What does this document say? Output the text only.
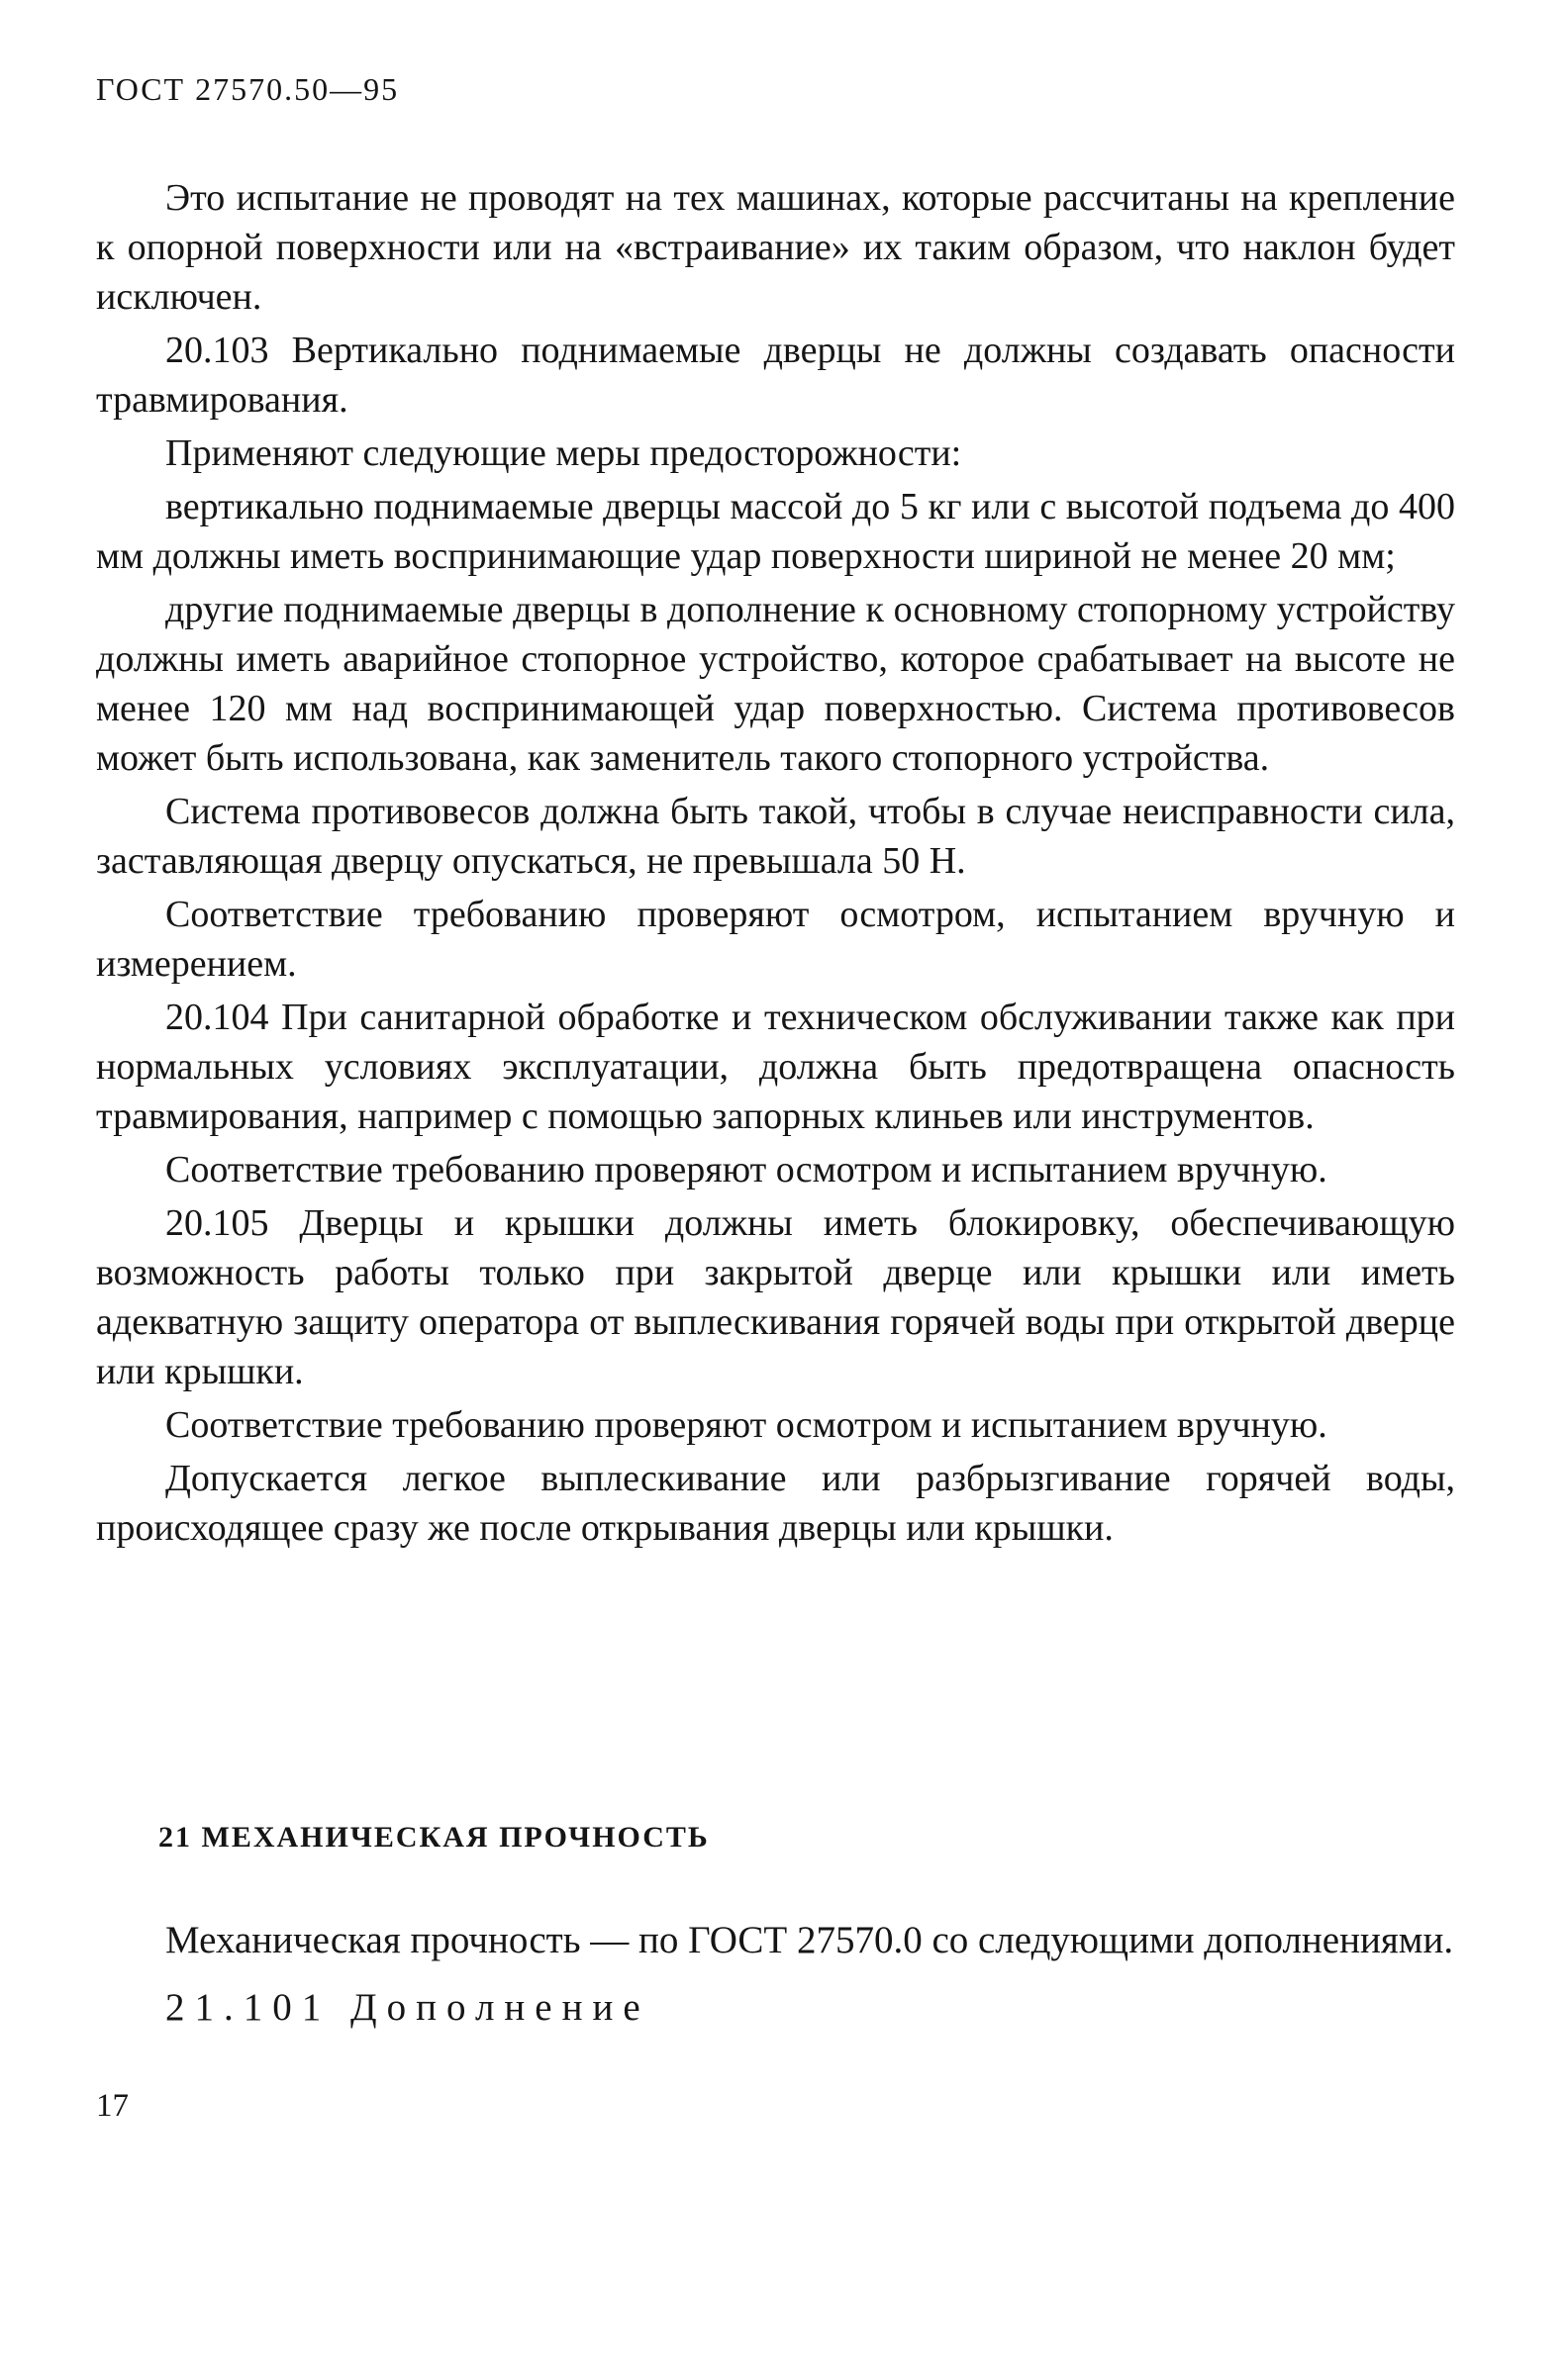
ГОСТ 27570.50—95

Это испытание не проводят на тех машинах, которые рассчитаны на крепление к опорной поверхности или на «встраивание» их таким образом, что наклон будет исключен.

20.103 Вертикально поднимаемые дверцы не должны создавать опасности травмирования.

Применяют следующие меры предосторожности:

вертикально поднимаемые дверцы массой до 5 кг или с высотой подъема до 400 мм должны иметь воспринимающие удар поверхности шириной не менее 20 мм;

другие поднимаемые дверцы в дополнение к основному стопорному устройству должны иметь аварийное стопорное устройство, которое срабатывает на высоте не менее 120 мм над воспринимающей удар поверхностью. Система противовесов может быть использована, как заменитель такого стопорного устройства.

Система противовесов должна быть такой, чтобы в случае неисправности сила, заставляющая дверцу опускаться, не превышала 50 Н.

Соответствие требованию проверяют осмотром, испытанием вручную и измерением.

20.104 При санитарной обработке и техническом обслуживании также как при нормальных условиях эксплуатации, должна быть предотвращена опасность травмирования, например с помощью запорных клиньев или инструментов.

Соответствие требованию проверяют осмотром и испытанием вручную.

20.105 Дверцы и крышки должны иметь блокировку, обеспечивающую возможность работы только при закрытой дверце или крышки или иметь адекватную защиту оператора от выплескивания горячей воды при открытой дверце или крышки.

Соответствие требованию проверяют осмотром и испытанием вручную.

Допускается легкое выплескивание или разбрызгивание горячей воды, происходящее сразу же после открывания дверцы или крышки.

21 МЕХАНИЧЕСКАЯ ПРОЧНОСТЬ

Механическая прочность — по ГОСТ 27570.0 со следующими дополнениями.

21.101 Дополнение

17
